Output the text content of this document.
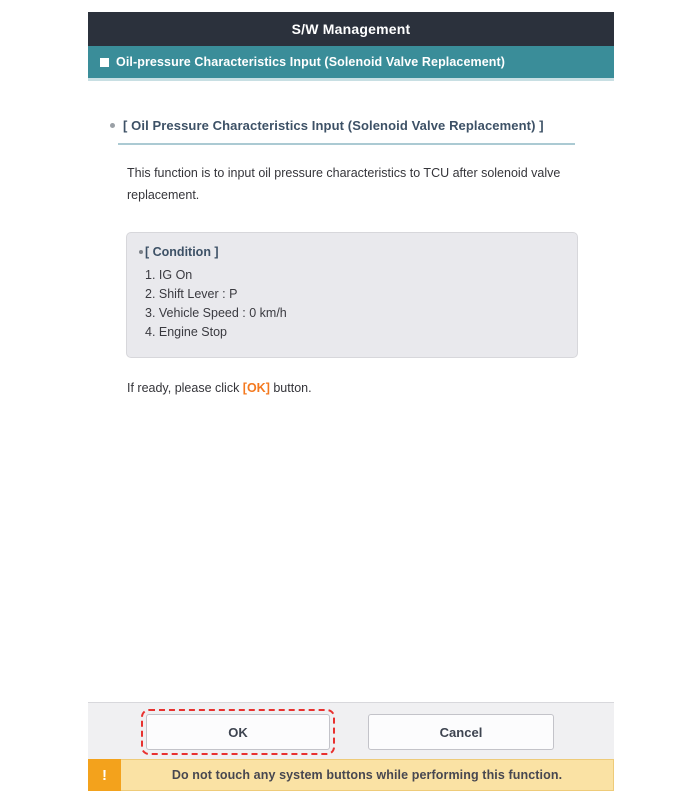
S/W Management
Oil-pressure Characteristics Input (Solenoid Valve Replacement)
[ Oil Pressure Characteristics Input (Solenoid Valve Replacement) ]

This function is to input oil pressure characteristics to TCU after solenoid valve replacement.

[ Condition ]
1. IG On
2. Shift Lever : P
3. Vehicle Speed : 0 km/h
4. Engine Stop

If ready, please click [OK] button.

OK	Cancel
!	Do not touch any system buttons while performing this function.
